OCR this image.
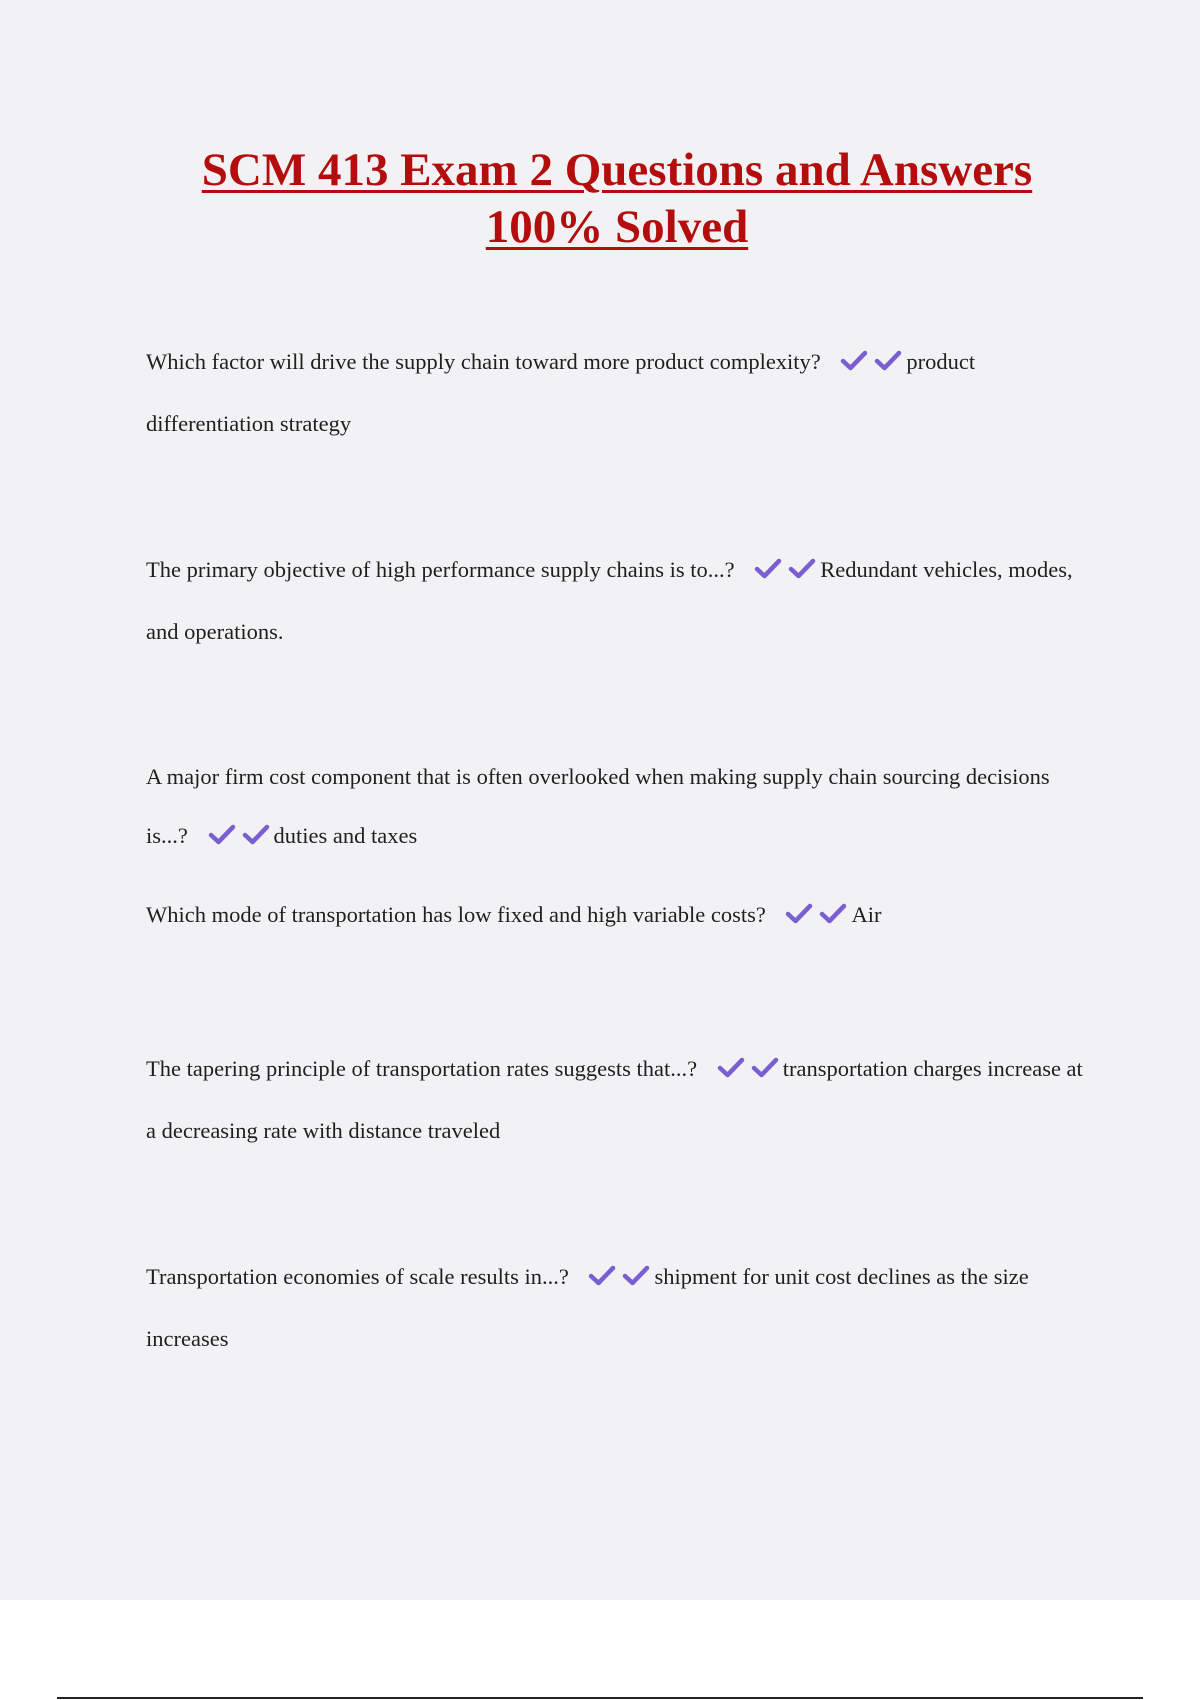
SCM 413 Exam 2 Questions and Answers
100% Solved

Which factor will drive the supply chain toward more product complexity?	product differentiation strategy

The primary objective of high performance supply chains is to...?	Redundant vehicles, modes, and operations.

A major firm cost component that is often overlooked when making supply chain sourcing decisions is...?	duties and taxes

Which mode of transportation has low fixed and high variable costs?	Air

The tapering principle of transportation rates suggests that...?	transportation charges increase at a decreasing rate with distance traveled

Transportation economies of scale results in...?	shipment for unit cost declines as the size increases
